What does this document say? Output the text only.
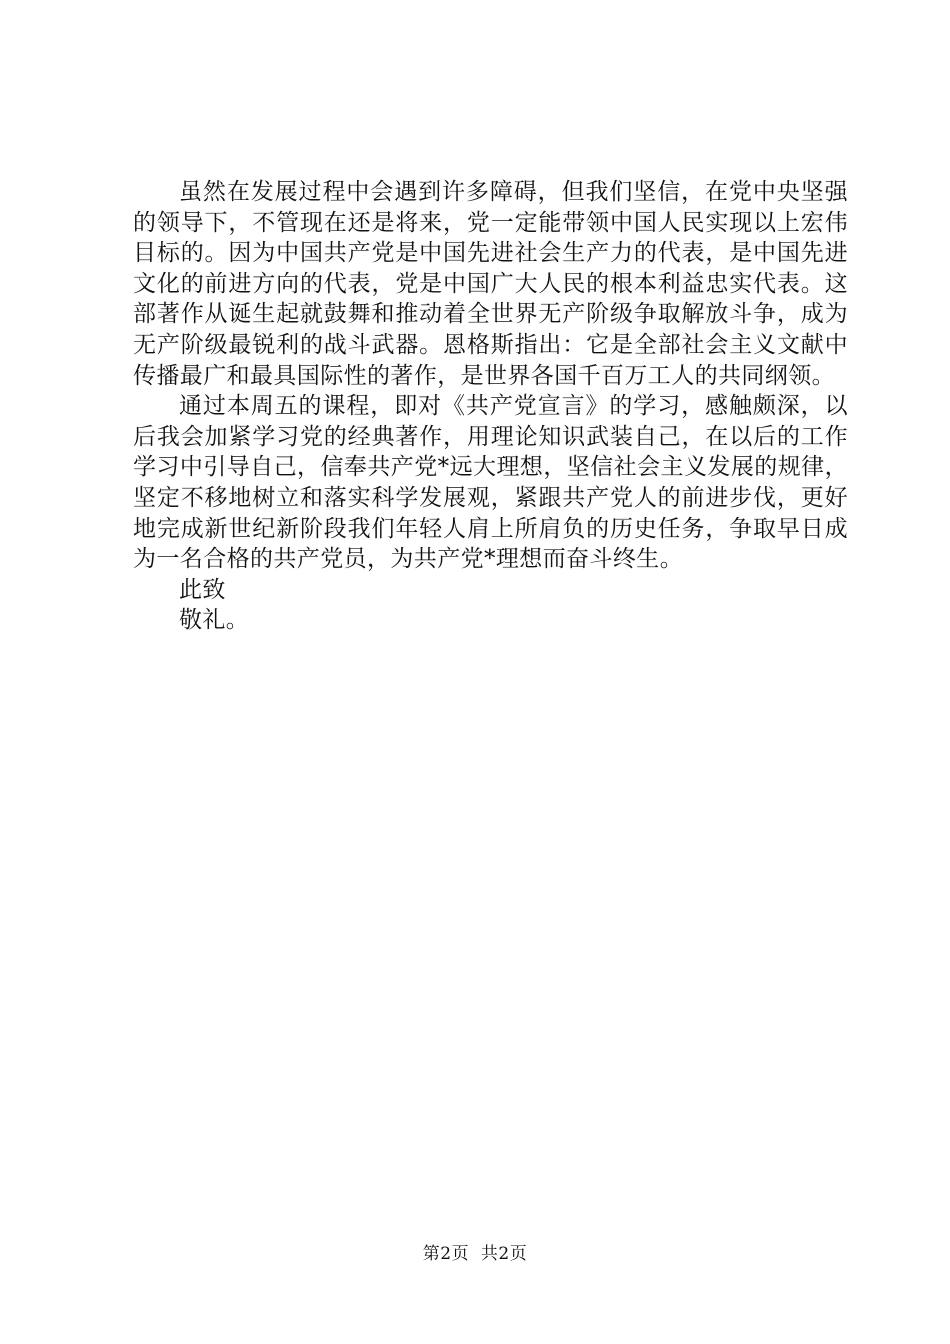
虽然在发展过程中会遇到许多障碍，但我们坚信，在党中央坚强的领导下，不管现在还是将来，党一定能带领中国人民实现以上宏伟目标的。因为中国共产党是中国先进社会生产力的代表，是中国先进文化的前进方向的代表，党是中国广大人民的根本利益忠实代表。这部著作从诞生起就鼓舞和推动着全世界无产阶级争取解放斗争，成为无产阶级最锐利的战斗武器。恩格斯指出：它是全部社会主义文献中传播最广和最具国际性的著作，是世界各国千百万工人的共同纲领。

通过本周五的课程，即对《共产党宣言》的学习，感触颇深，以后我会加紧学习党的经典著作，用理论知识武装自己，在以后的工作学习中引导自己，信奉共产党*远大理想，坚信社会主义发展的规律，坚定不移地树立和落实科学发展观，紧跟共产党人的前进步伐，更好地完成新世纪新阶段我们年轻人肩上所肩负的历史任务，争取早日成为一名合格的共产党员，为共产党*理想而奋斗终生。

此致

敬礼。

第2页  共2页
